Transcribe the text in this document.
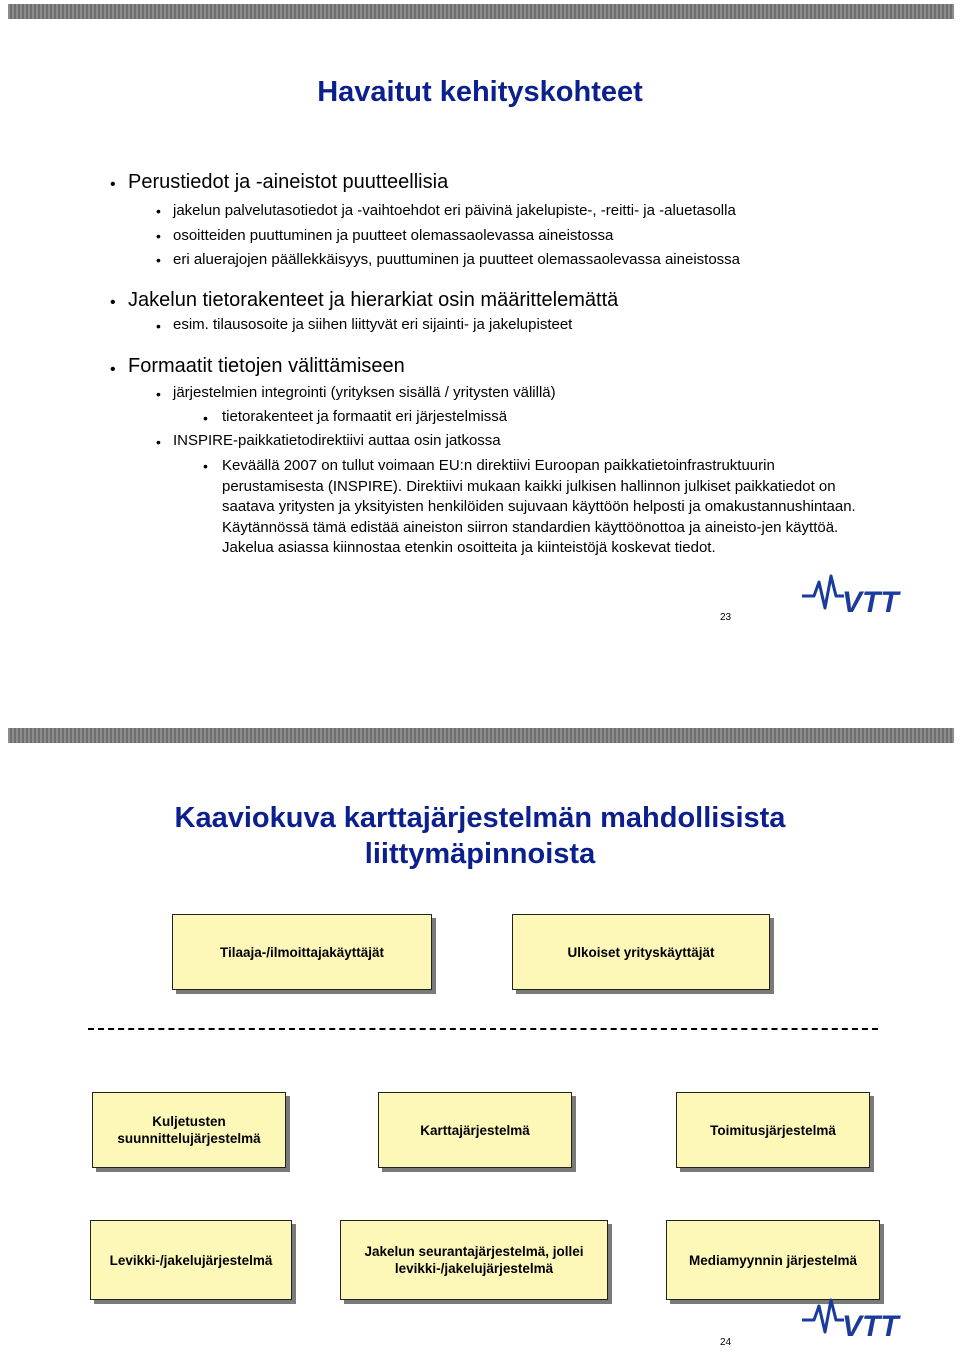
Havaitut kehityskohteet
• Perustiedot ja -aineistot puutteellisia
• jakelun palvelutasotiedot ja -vaihtoehdot eri päivinä jakelupiste-, -reitti- ja -aluetasolla
• osoitteiden puuttuminen ja puutteet olemassaolevassa aineistossa
• eri aluerajojen päällekkäisyys, puuttuminen ja puutteet olemassaolevassa aineistossa
• Jakelun tietorakenteet ja hierarkiat osin määrittelemättä
• esim. tilausosoite ja siihen liittyvät eri sijainti- ja jakelupisteet
• Formaatit tietojen välittämiseen
• järjestelmien integrointi (yrityksen sisällä / yritysten välillä)
• tietorakenteet ja formaatit eri järjestelmissä
• INSPIRE-paikkatietodirektiivi auttaa osin jatkossa
• Keväällä 2007 on tullut voimaan EU:n direktiivi Euroopan paikkatietoinfrastruktuurin perustamisesta (INSPIRE). Direktiivi mukaan kaikki julkisen hallinnon julkiset paikkatiedot on saatava yritysten ja yksityisten henkilöiden sujuvaan käyttöön helposti ja omakustannushintaan. Käytännössä tämä edistää aineiston siirron standardien käyttöönottoa ja aineisto-jen käyttöä. Jakelua asiassa kiinnostaa etenkin osoitteita ja kiinteistöjä koskevat tiedot.
VTT
23
Kaaviokuva karttajärjestelmän mahdollisista
liittymäpinnoista
Tilaaja-/ilmoittajakäyttäjät	Ulkoiset yrityskäyttäjät
Kuljetusten
suunnittelujärjestelmä
Karttajärjestelmä	Toimitusjärjestelmä
Levikki-/jakelujärjestelmä
Jakelun seurantajärjestelmä, jollei
levikki-/jakelujärjestelmä
Mediamyynnin järjestelmä
VTT
24
